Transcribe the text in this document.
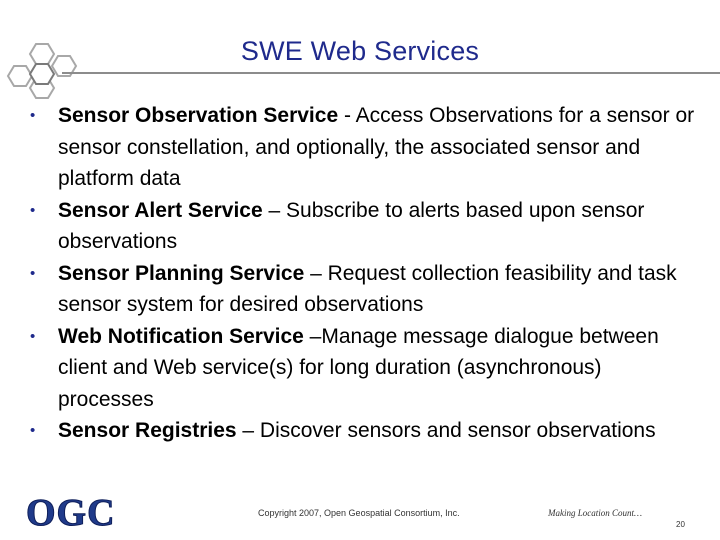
SWE Web Services
• Sensor Observation Service - Access Observations for a sensor or sensor constellation, and optionally, the associated sensor and platform data
• Sensor Alert Service – Subscribe to alerts based upon sensor observations
• Sensor Planning Service – Request collection feasibility and task sensor system for desired observations
• Web Notification Service –Manage message dialogue between client and Web service(s) for long duration (asynchronous) processes
• Sensor Registries – Discover sensors and sensor observations
OGC	Copyright 2007, Open Geospatial Consortium, Inc.	Making Location Count…
20
